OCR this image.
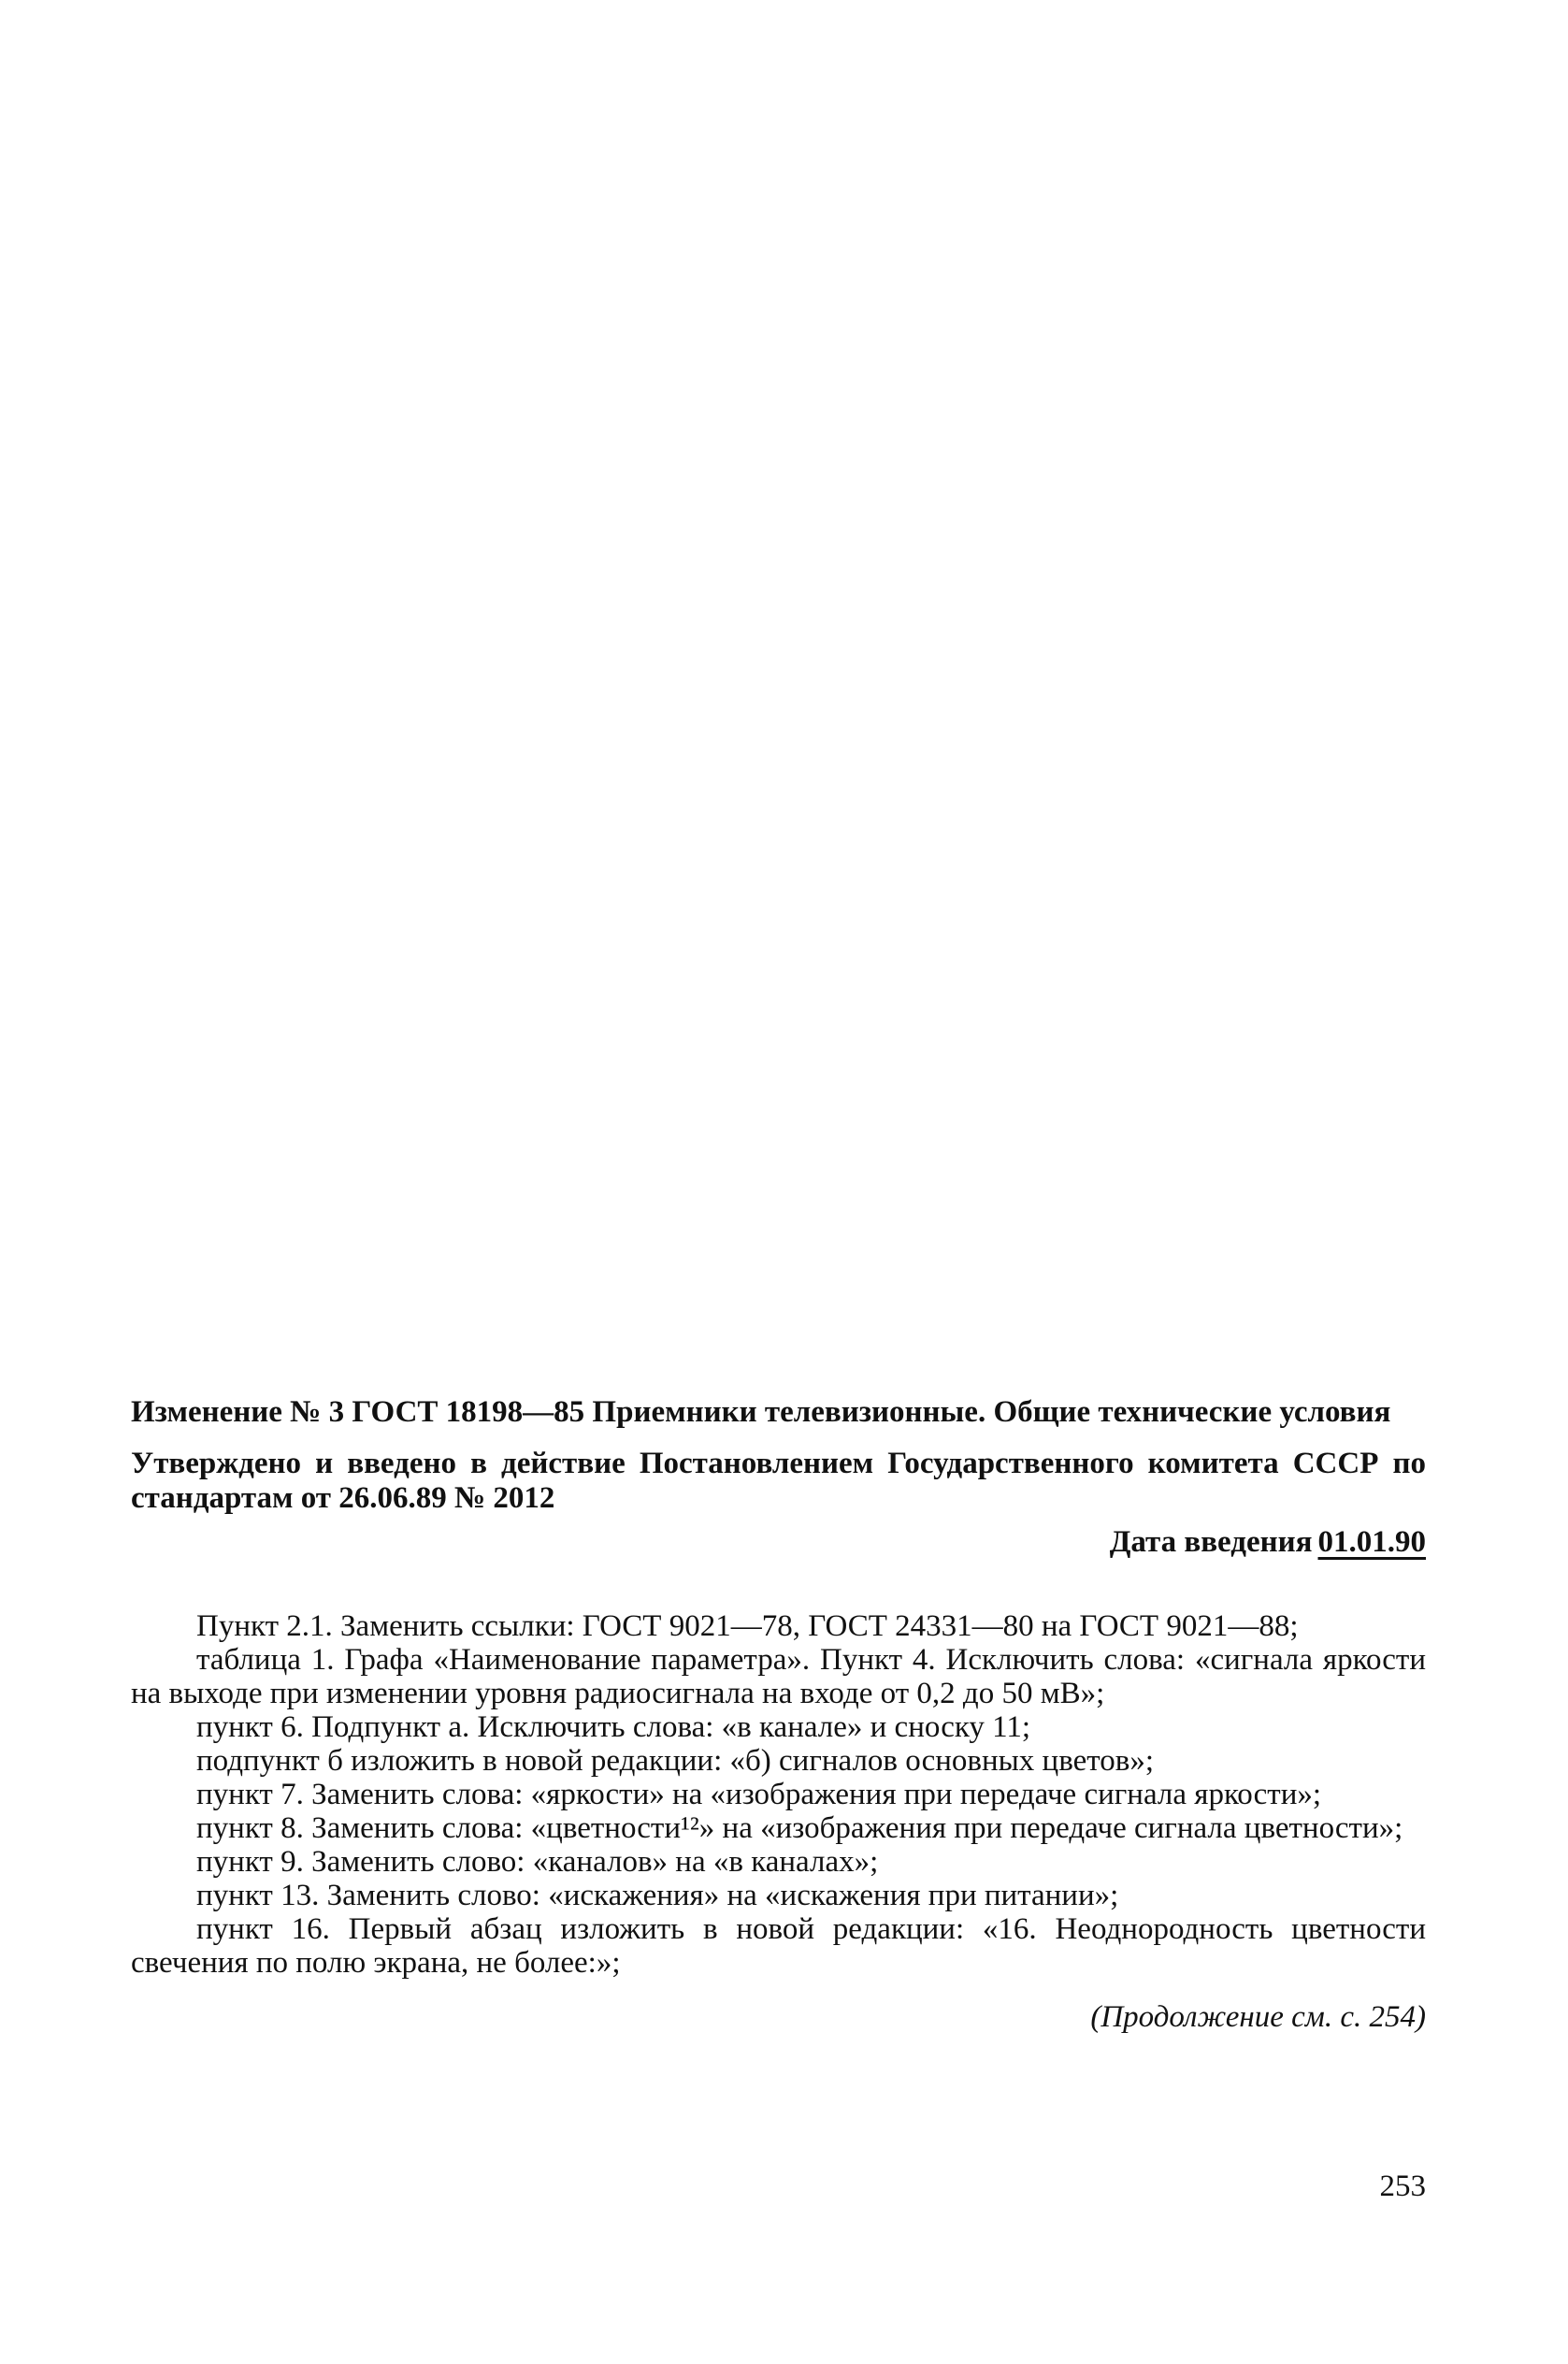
Изменение № 3 ГОСТ 18198—85 Приемники телевизионные. Общие технические условия

Утверждено и введено в действие Постановлением Государственного комитета СССР по стандартам от 26.06.89 № 2012

Дата введения 01.01.90

Пункт 2.1. Заменить ссылки: ГОСТ 9021—78, ГОСТ 24331—80 на ГОСТ 9021—88;

таблица 1. Графа «Наименование параметра». Пункт 4. Исключить слова: «сигнала яркости на выходе при изменении уровня радиосигнала на входе от 0,2 до 50 мВ»;

пункт 6. Подпункт а. Исключить слова: «в канале» и сноску 11;

подпункт б изложить в новой редакции: «б) сигналов основных цветов»;

пункт 7. Заменить слова: «яркости» на «изображения при передаче сигнала яркости»;

пункт 8. Заменить слова: «цветности¹²» на «изображения при передаче сигнала цветности»;

пункт 9. Заменить слово: «каналов» на «в каналах»;

пункт 13. Заменить слово: «искажения» на «искажения при питании»;

пункт 16. Первый абзац изложить в новой редакции: «16. Неоднородность цветности свечения по полю экрана, не более:»;

(Продолжение см. с. 254)
253
